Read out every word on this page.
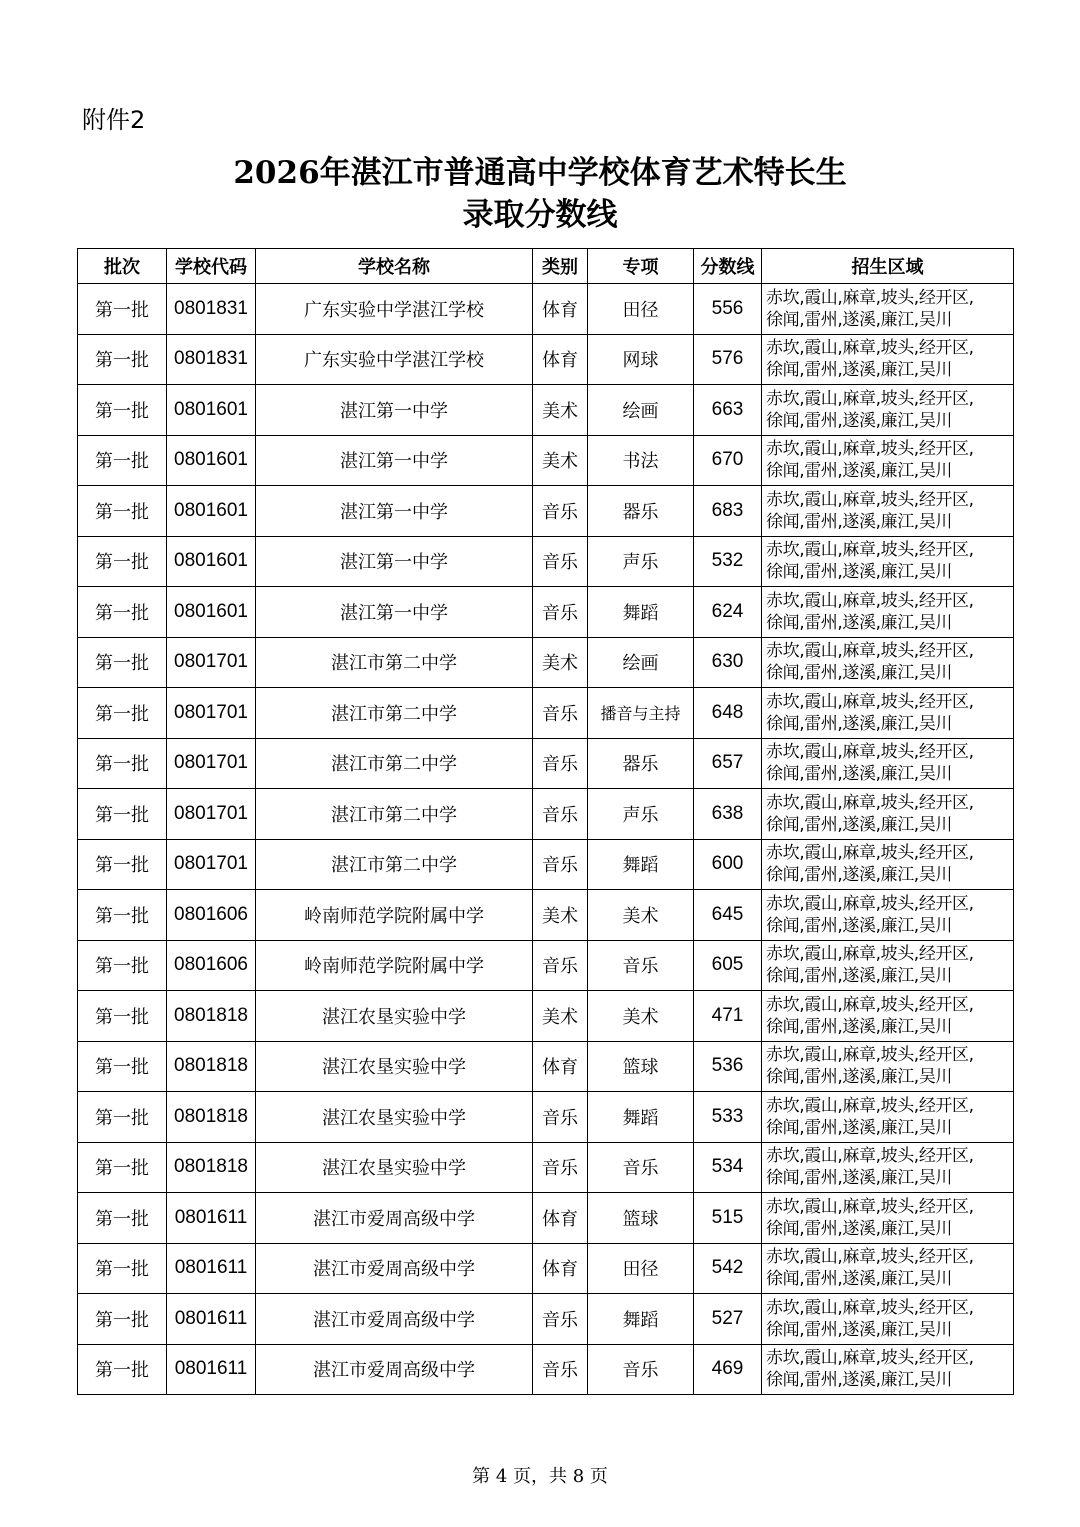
附件2
2026年湛江市普通高中学校体育艺术特长生
录取分数线
批次	学校代码	学校名称	类别	专项	分数线	招生区域
第一批	0801831	广东实验中学湛江学校	体育	田径	556	赤坎,霞山,麻章,坡头,经开区,
徐闻,雷州,遂溪,廉江,吴川

第一批	0801831	广东实验中学湛江学校	体育	网球	576	赤坎,霞山,麻章,坡头,经开区,
徐闻,雷州,遂溪,廉江,吴川

第一批	0801601	湛江第一中学	美术	绘画	663	赤坎,霞山,麻章,坡头,经开区,
徐闻,雷州,遂溪,廉江,吴川

第一批	0801601	湛江第一中学	美术	书法	670	赤坎,霞山,麻章,坡头,经开区,
徐闻,雷州,遂溪,廉江,吴川

第一批	0801601	湛江第一中学	音乐	器乐	683	赤坎,霞山,麻章,坡头,经开区,
徐闻,雷州,遂溪,廉江,吴川

第一批	0801601	湛江第一中学	音乐	声乐	532	赤坎,霞山,麻章,坡头,经开区,
徐闻,雷州,遂溪,廉江,吴川

第一批	0801601	湛江第一中学	音乐	舞蹈	624	赤坎,霞山,麻章,坡头,经开区,
徐闻,雷州,遂溪,廉江,吴川

第一批	0801701	湛江市第二中学	美术	绘画	630	赤坎,霞山,麻章,坡头,经开区,
徐闻,雷州,遂溪,廉江,吴川

第一批	0801701	湛江市第二中学	音乐	播音与主持	648	赤坎,霞山,麻章,坡头,经开区,
徐闻,雷州,遂溪,廉江,吴川

第一批	0801701	湛江市第二中学	音乐	器乐	657	赤坎,霞山,麻章,坡头,经开区,
徐闻,雷州,遂溪,廉江,吴川

第一批	0801701	湛江市第二中学	音乐	声乐	638	赤坎,霞山,麻章,坡头,经开区,
徐闻,雷州,遂溪,廉江,吴川

第一批	0801701	湛江市第二中学	音乐	舞蹈	600	赤坎,霞山,麻章,坡头,经开区,
徐闻,雷州,遂溪,廉江,吴川

第一批	0801606	岭南师范学院附属中学	美术	美术	645	赤坎,霞山,麻章,坡头,经开区,
徐闻,雷州,遂溪,廉江,吴川

第一批	0801606	岭南师范学院附属中学	音乐	音乐	605	赤坎,霞山,麻章,坡头,经开区,
徐闻,雷州,遂溪,廉江,吴川

第一批	0801818	湛江农垦实验中学	美术	美术	471	赤坎,霞山,麻章,坡头,经开区,
徐闻,雷州,遂溪,廉江,吴川

第一批	0801818	湛江农垦实验中学	体育	篮球	536	赤坎,霞山,麻章,坡头,经开区,
徐闻,雷州,遂溪,廉江,吴川

第一批	0801818	湛江农垦实验中学	音乐	舞蹈	533	赤坎,霞山,麻章,坡头,经开区,
徐闻,雷州,遂溪,廉江,吴川

第一批	0801818	湛江农垦实验中学	音乐	音乐	534	赤坎,霞山,麻章,坡头,经开区,
徐闻,雷州,遂溪,廉江,吴川

第一批	0801611	湛江市爱周高级中学	体育	篮球	515	赤坎,霞山,麻章,坡头,经开区,
徐闻,雷州,遂溪,廉江,吴川

第一批	0801611	湛江市爱周高级中学	体育	田径	542	赤坎,霞山,麻章,坡头,经开区,
徐闻,雷州,遂溪,廉江,吴川

第一批	0801611	湛江市爱周高级中学	音乐	舞蹈	527	赤坎,霞山,麻章,坡头,经开区,
徐闻,雷州,遂溪,廉江,吴川

第一批	0801611	湛江市爱周高级中学	音乐	音乐	469	赤坎,霞山,麻章,坡头,经开区,
徐闻,雷州,遂溪,廉江,吴川
第 4 页，共 8 页
